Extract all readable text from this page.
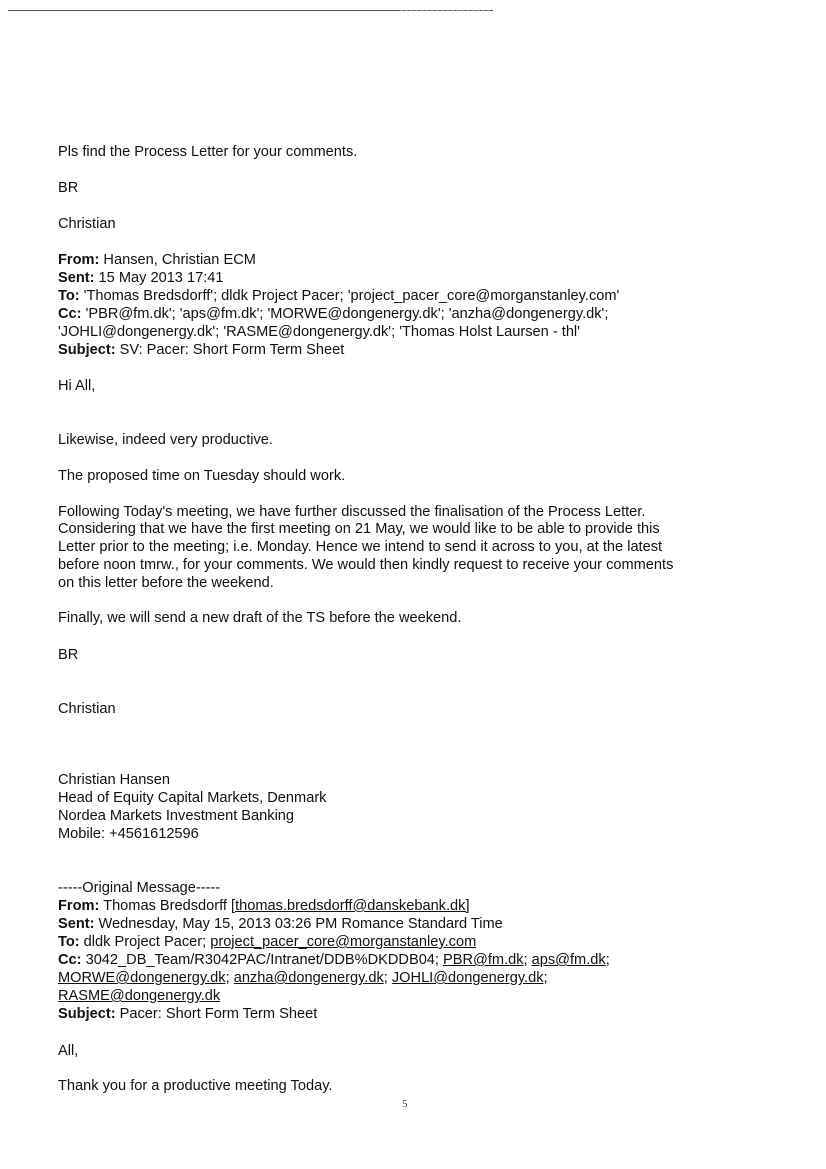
Pls find the Process Letter for your comments.
BR
Christian
From: Hansen, Christian ECM
Sent: 15 May 2013 17:41
To: 'Thomas Bredsdorff'; dldk Project Pacer; 'project_pacer_core@morganstanley.com'
Cc: 'PBR@fm.dk'; 'aps@fm.dk'; 'MORWE@dongenergy.dk'; 'anzha@dongenergy.dk';
'JOHLI@dongenergy.dk'; 'RASME@dongenergy.dk'; 'Thomas Holst Laursen - thl'
Subject: SV: Pacer: Short Form Term Sheet
Hi All,
Likewise, indeed very productive.
The proposed time on Tuesday should work.
Following Today's meeting, we have further discussed the finalisation of the Process Letter.
Considering that we have the first meeting on 21 May, we would like to be able to provide this
Letter prior to the meeting; i.e. Monday. Hence we intend to send it across to you, at the latest
before noon tmrw., for your comments. We would then kindly request to receive your comments
on this letter before the weekend.
Finally, we will send a new draft of the TS before the weekend.
BR
Christian
Christian Hansen
Head of Equity Capital Markets, Denmark
Nordea Markets Investment Banking
Mobile: +4561612596
-----Original Message-----
From: Thomas Bredsdorff [thomas.bredsdorff@danskebank.dk]
Sent: Wednesday, May 15, 2013 03:26 PM Romance Standard Time
To: dldk Project Pacer; project_pacer_core@morganstanley.com
Cc: 3042_DB_Team/R3042PAC/Intranet/DDB%DKDDB04; PBR@fm.dk; aps@fm.dk;
MORWE@dongenergy.dk; anzha@dongenergy.dk; JOHLI@dongenergy.dk;
RASME@dongenergy.dk
Subject: Pacer: Short Form Term Sheet
All,
Thank you for a productive meeting Today.
5
